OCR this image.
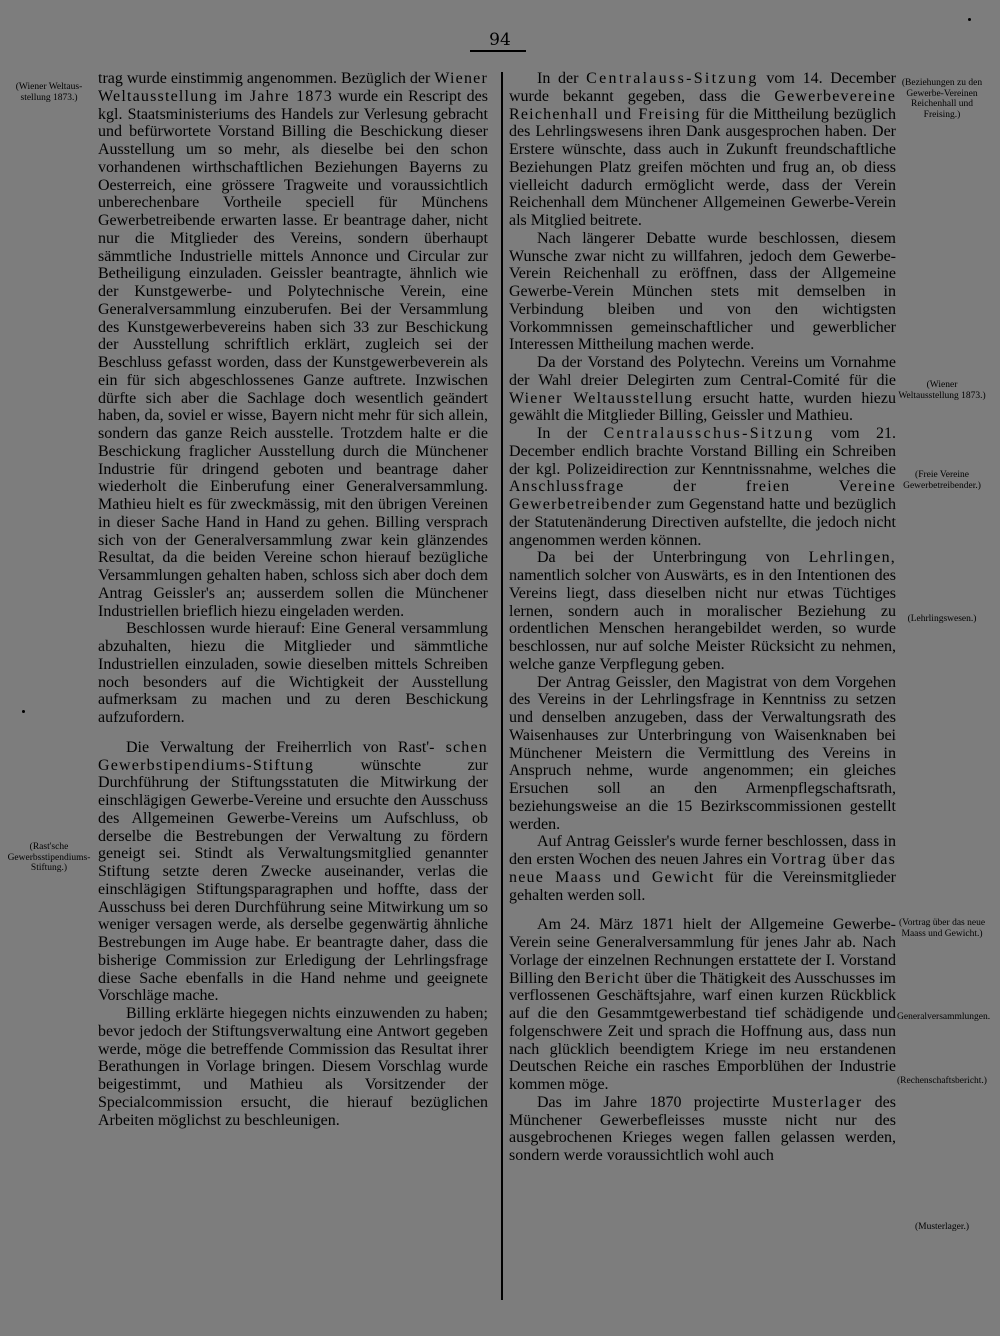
94
(Wiener Weltaus-stellung 1873.)
(Rast'sche Gewerbsstipendiums-Stiftung.)
(Beziehungen zu den Gewerbe-Vereinen Reichenhall und Freising.)
(Wiener Weltausstellung 1873.)
(Freie Vereine Gewerbetreibender.)
(Lehrlingswesen.)
(Vortrag über das neue Maass und Gewicht.)
Generalversammlungen.
(Rechenschaftsbericht.)
(Musterlager.)

trag wurde einstimmig angenommen. Bezüglich der Wiener Weltausstellung im Jahre 1873 wurde ein Rescript des kgl. Staatsministeriums des Handels zur Verlesung gebracht und befürwortete Vorstand Billing die Beschickung dieser Ausstellung um so mehr, als dieselbe bei den schon vorhandenen wirthschaftlichen Beziehungen Bayerns zu Oesterreich, eine grössere Tragweite und voraussichtlich unberechenbare Vortheile speciell für Münchens Gewerbetreibende erwarten lasse. Er beantrage daher, nicht nur die Mitglieder des Vereins, sondern überhaupt sämmtliche Industrielle mittels Annonce und Circular zur Betheiligung einzuladen. Geissler beantragte, ähnlich wie der Kunstgewerbe- und Polytechnische Verein, eine Generalversammlung einzuberufen. Bei der Versammlung des Kunstgewerbevereins haben sich 33 zur Beschickung der Ausstellung schriftlich erklärt, zugleich sei der Beschluss gefasst worden, dass der Kunstgewerbeverein als ein für sich abgeschlossenes Ganze auftrete. Inzwischen dürfte sich aber die Sachlage doch wesentlich geändert haben, da, soviel er wisse, Bayern nicht mehr für sich allein, sondern das ganze Reich ausstelle. Trotzdem halte er die Beschickung fraglicher Ausstellung durch die Münchener Industrie für dringend geboten und beantrage daher wiederholt die Einberufung einer Generalversammlung. Mathieu hielt es für zweckmässig, mit den übrigen Vereinen in dieser Sache Hand in Hand zu gehen. Billing versprach sich von der Generalversammlung zwar kein glänzendes Resultat, da die beiden Vereine schon hierauf bezügliche Versammlungen gehalten haben, schloss sich aber doch dem Antrag Geissler's an; ausserdem sollen die Münchener Industriellen brieflich hiezu eingeladen werden.

Beschlossen wurde hierauf: Eine General versammlung abzuhalten, hiezu die Mitglieder und sämmtliche Industriellen einzuladen, sowie dieselben mittels Schreiben noch besonders auf die Wichtigkeit der Ausstellung aufmerksam zu machen und zu deren Beschickung aufzufordern.

Die Verwaltung der Freiherrlich von Rast'- schen Gewerbstipendiums-Stiftung wünschte zur Durchführung der Stiftungsstatuten die Mitwirkung der einschlägigen Gewerbe-Vereine und ersuchte den Ausschuss des Allgemeinen Gewerbe-Vereins um Aufschluss, ob derselbe die Bestrebungen der Verwaltung zu fördern geneigt sei. Stindt als Verwaltungsmitglied genannter Stiftung setzte deren Zwecke auseinander, verlas die einschlägigen Stiftungsparagraphen und hoffte, dass der Ausschuss bei deren Durchführung seine Mitwirkung um so weniger versagen werde, als derselbe gegenwärtig ähnliche Bestrebungen im Auge habe. Er beantragte daher, dass die bisherige Commission zur Erledigung der Lehrlingsfrage diese Sache ebenfalls in die Hand nehme und geeignete Vorschläge mache.

Billing erklärte hiegegen nichts einzuwenden zu haben; bevor jedoch der Stiftungsverwaltung eine Antwort gegeben werde, möge die betreffende Commission das Resultat ihrer Berathungen in Vorlage bringen. Diesem Vorschlag wurde beigestimmt, und Mathieu als Vorsitzender der Specialcommission ersucht, die hierauf bezüglichen Arbeiten möglichst zu beschleunigen.

In der Centralauss-Sitzung vom 14. December wurde bekannt gegeben, dass die Gewerbevereine Reichenhall und Freising für die Mittheilung bezüglich des Lehrlingswesens ihren Dank ausgesprochen haben. Der Erstere wünschte, dass auch in Zukunft freundschaftliche Beziehungen Platz greifen möchten und frug an, ob diess vielleicht dadurch ermöglicht werde, dass der Verein Reichenhall dem Münchener Allgemeinen Gewerbe-Verein als Mitglied beitrete.

Nach längerer Debatte wurde beschlossen, diesem Wunsche zwar nicht zu willfahren, jedoch dem Gewerbe-Verein Reichenhall zu eröffnen, dass der Allgemeine Gewerbe-Verein München stets mit demselben in Verbindung bleiben und von den wichtigsten Vorkommnissen gemeinschaftlicher und gewerblicher Interessen Mittheilung machen werde.

Da der Vorstand des Polytechn. Vereins um Vornahme der Wahl dreier Delegirten zum Central-Comité für die Wiener Weltausstellung ersucht hatte, wurden hiezu gewählt die Mitglieder Billing, Geissler und Mathieu.

In der Centralausschus-Sitzung vom 21. December endlich brachte Vorstand Billing ein Schreiben der kgl. Polizeidirection zur Kenntnissnahme, welches die Anschlussfrage der freien Vereine Gewerbetreibender zum Gegenstand hatte und bezüglich der Statutenänderung Directiven aufstellte, die jedoch nicht angenommen werden können.

Da bei der Unterbringung von Lehrlingen, namentlich solcher von Auswärts, es in den Intentionen des Vereins liegt, dass dieselben nicht nur etwas Tüchtiges lernen, sondern auch in moralischer Beziehung zu ordentlichen Menschen herangebildet werden, so wurde beschlossen, nur auf solche Meister Rücksicht zu nehmen, welche ganze Verpflegung geben.

Der Antrag Geissler, den Magistrat von dem Vorgehen des Vereins in der Lehrlingsfrage in Kenntniss zu setzen und denselben anzugeben, dass der Verwaltungsrath des Waisenhauses zur Unterbringung von Waisenknaben bei Münchener Meistern die Vermittlung des Vereins in Anspruch nehme, wurde angenommen; ein gleiches Ersuchen soll an den Armenpflegschaftsrath, beziehungsweise an die 15 Bezirkscommissionen gestellt werden.

Auf Antrag Geissler's wurde ferner beschlossen, dass in den ersten Wochen des neuen Jahres ein Vortrag über das neue Maass und Gewicht für die Vereinsmitglieder gehalten werden soll.

Am 24. März 1871 hielt der Allgemeine Gewerbe-Verein seine Generalversammlung für jenes Jahr ab. Nach Vorlage der einzelnen Rechnungen erstattete der I. Vorstand Billing den Bericht über die Thätigkeit des Ausschusses im verflossenen Geschäftsjahre, warf einen kurzen Rückblick auf die den Gesammtgewerbestand tief schädigende und folgenschwere Zeit und sprach die Hoffnung aus, dass nun nach glücklich beendigtem Kriege im neu erstandenen Deutschen Reiche ein rasches Emporblühen der Industrie kommen möge.

Das im Jahre 1870 projectirte Musterlager des Münchener Gewerbefleisses musste nicht nur des ausgebrochenen Krieges wegen fallen gelassen werden, sondern werde voraussichtlich wohl auch
